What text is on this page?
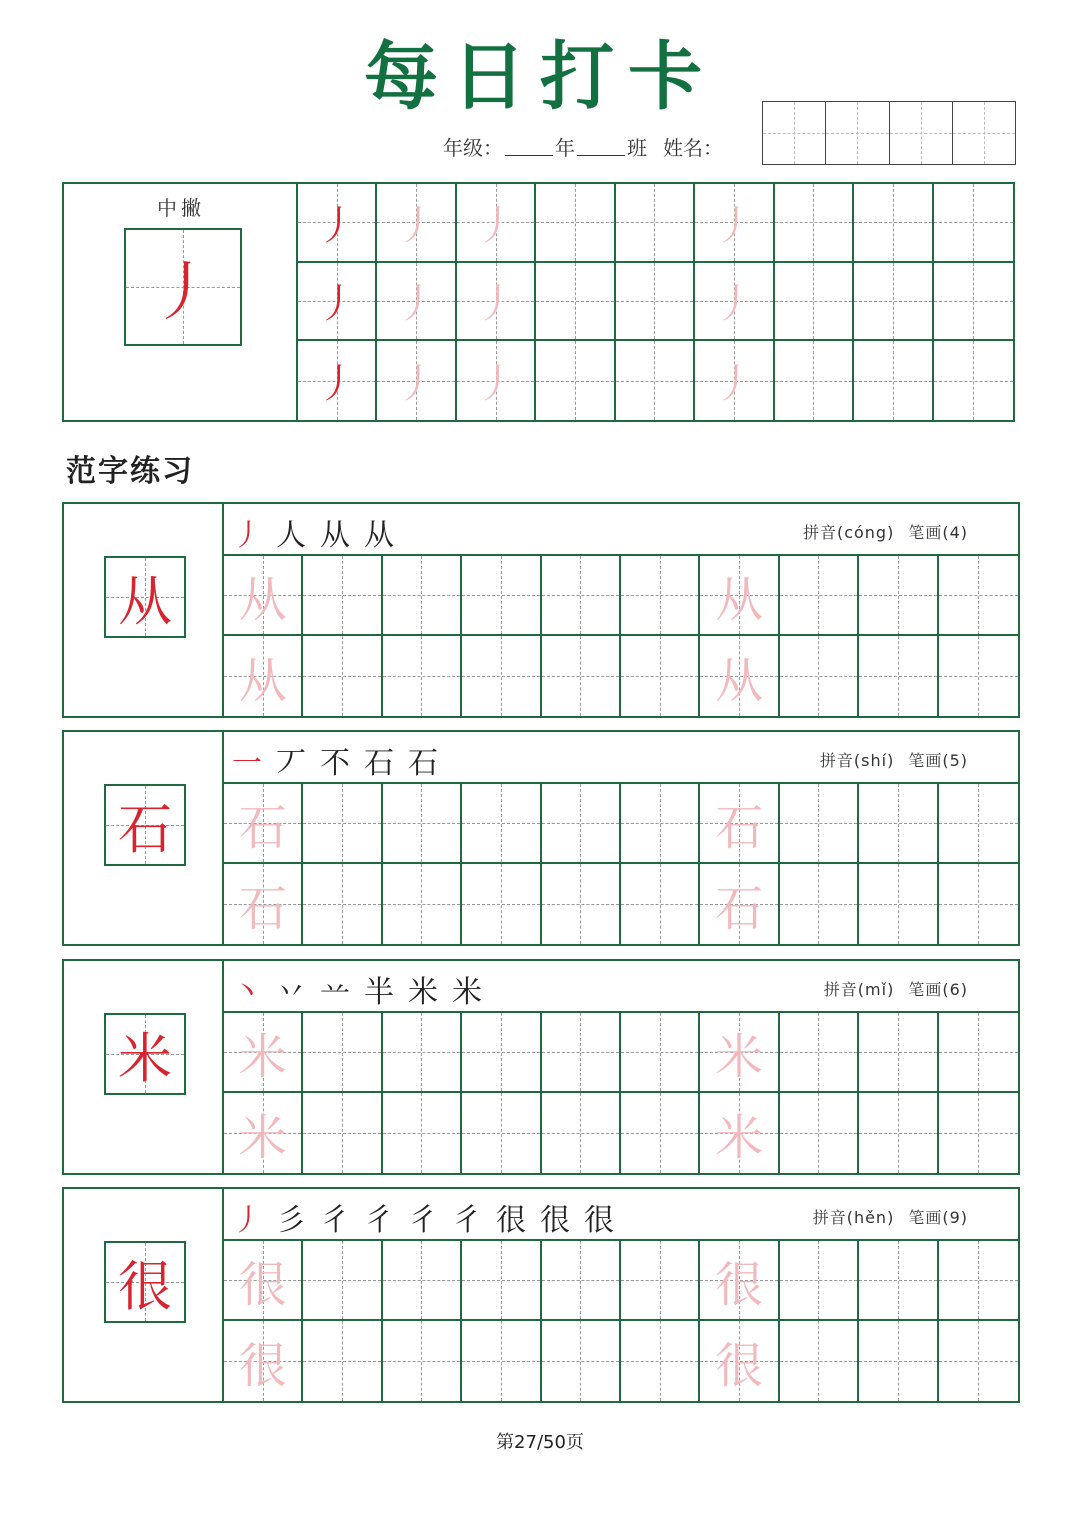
每日打卡
年级：	年	班 姓名：
中撇
丿
丿 丿 丿	丿
丿 丿 丿	丿
丿 丿 丿	丿
范字练习
从
丿 人 从 从	拼音(cóng) 笔画(4)
从	从
从	从
石
一 丆 不 石 石	拼音(shí) 笔画(5)
石	石
石	石
米
丶 丷 䒑 半 米 米	拼音(mǐ) 笔画(6)
米	米
米	米
很
丿 彡 彳 彳 彳 彳 很 很 很	拼音(hěn) 笔画(9)
很	很
很	很
第27/50页
